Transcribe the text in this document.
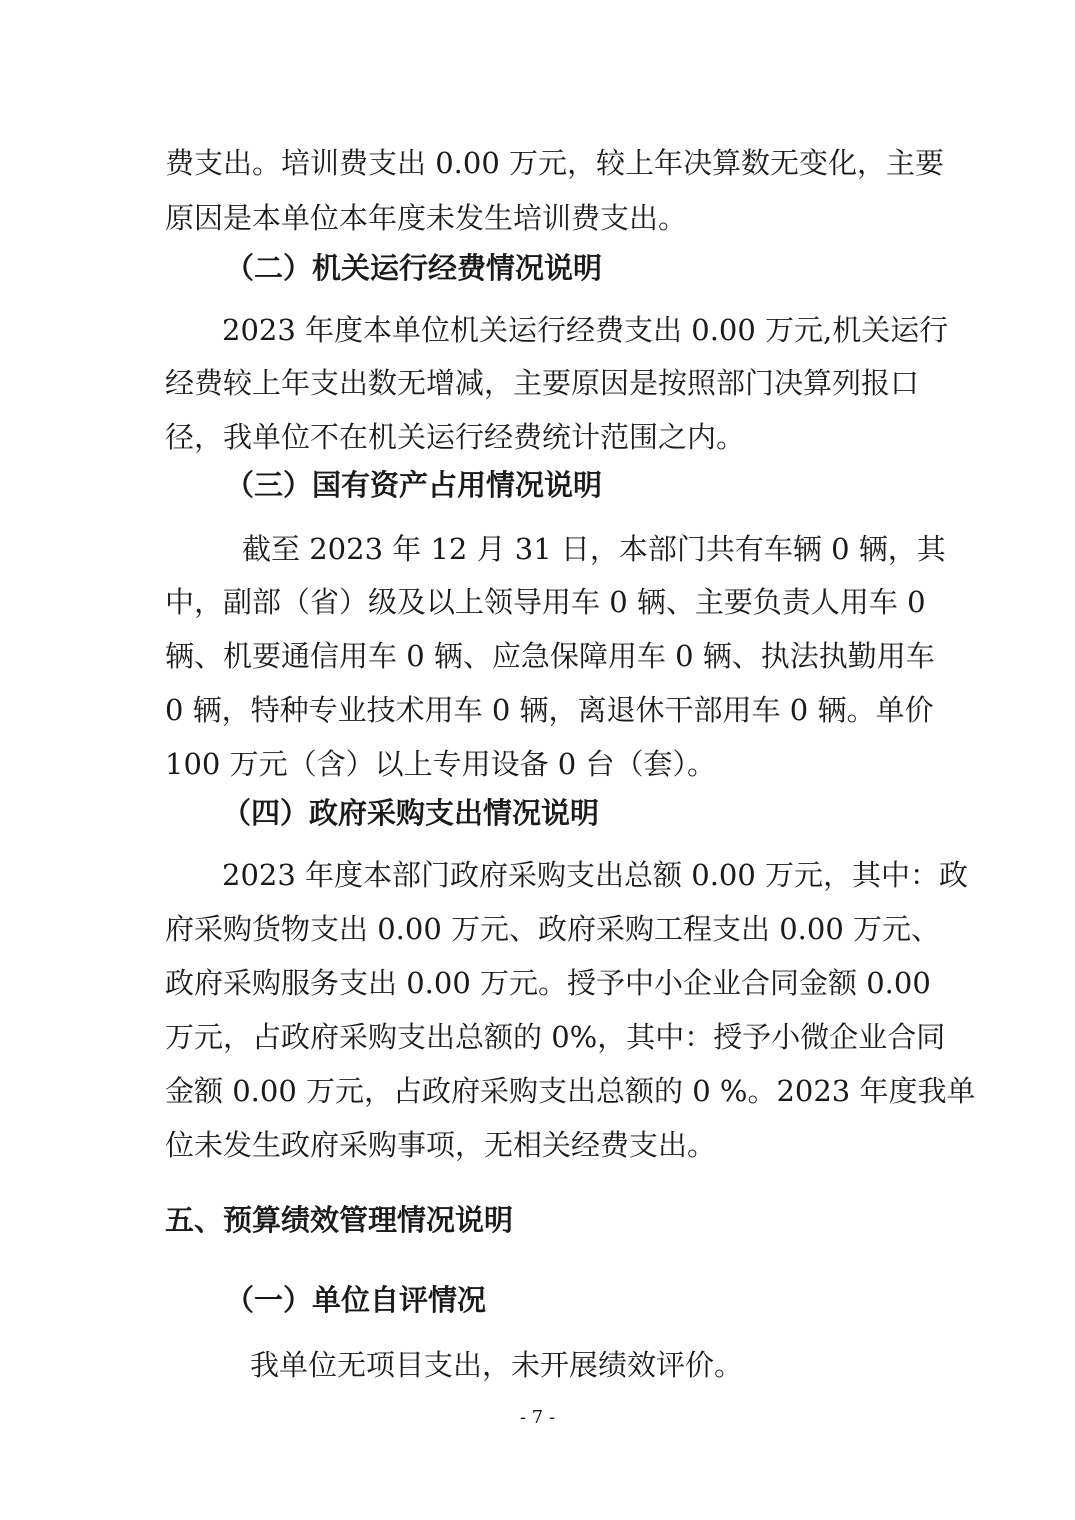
费支出。培训费支出 0.00 万元，较上年决算数无变化，主要
原因是本单位本年度未发生培训费支出。
（二）机关运行经费情况说明
2023 年度本单位机关运行经费支出 0.00 万元,机关运行
经费较上年支出数无增减，主要原因是按照部门决算列报口
径，我单位不在机关运行经费统计范围之内。
（三）国有资产占用情况说明
截至 2023 年 12 月 31 日，本部门共有车辆 0 辆，其
中，副部（省）级及以上领导用车 0 辆、主要负责人用车 0
辆、机要通信用车 0 辆、应急保障用车 0 辆、执法执勤用车
0 辆，特种专业技术用车 0 辆，离退休干部用车 0 辆。单价
100 万元（含）以上专用设备 0 台（套）。
（四）政府采购支出情况说明
2023 年度本部门政府采购支出总额 0.00 万元，其中：政
府采购货物支出 0.00 万元、政府采购工程支出 0.00 万元、
政府采购服务支出 0.00 万元。授予中小企业合同金额 0.00
万元，占政府采购支出总额的 0%，其中：授予小微企业合同
金额 0.00 万元，占政府采购支出总额的 0 %。2023 年度我单
位未发生政府采购事项，无相关经费支出。
五、预算绩效管理情况说明
（一）单位自评情况
我单位无项目支出，未开展绩效评价。
- 7 -
